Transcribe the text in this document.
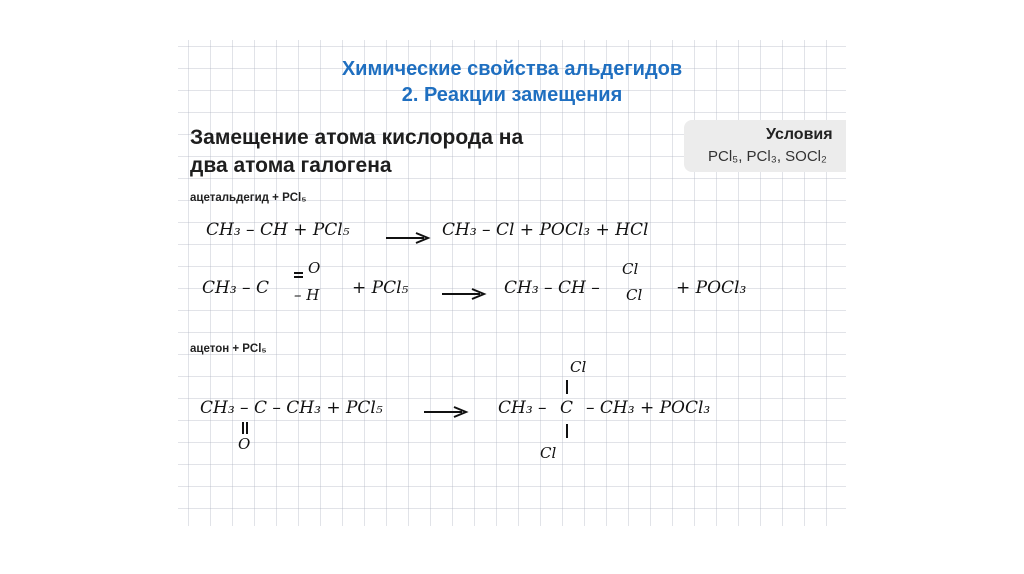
Химические свойства альдегидов
2. Реакции замещения
Замещение атома кислорода на
два атома галогена
Условия
PCl₅, PCl₃, SOCl₂
ацетальдегид + PCl₅
CH₃ – CH + PCl₅	CH₃ – Cl + POCl₃ + HCl
CH₃ – C
O
– H + PCl₅	CH₃ – CH –
Cl
Cl + POCl₃
ацетон + PCl₅
CH₃ – C – CH₃ + PCl₅
O
CH₃ – C – CH₃ + POCl₃
Cl
Cl
